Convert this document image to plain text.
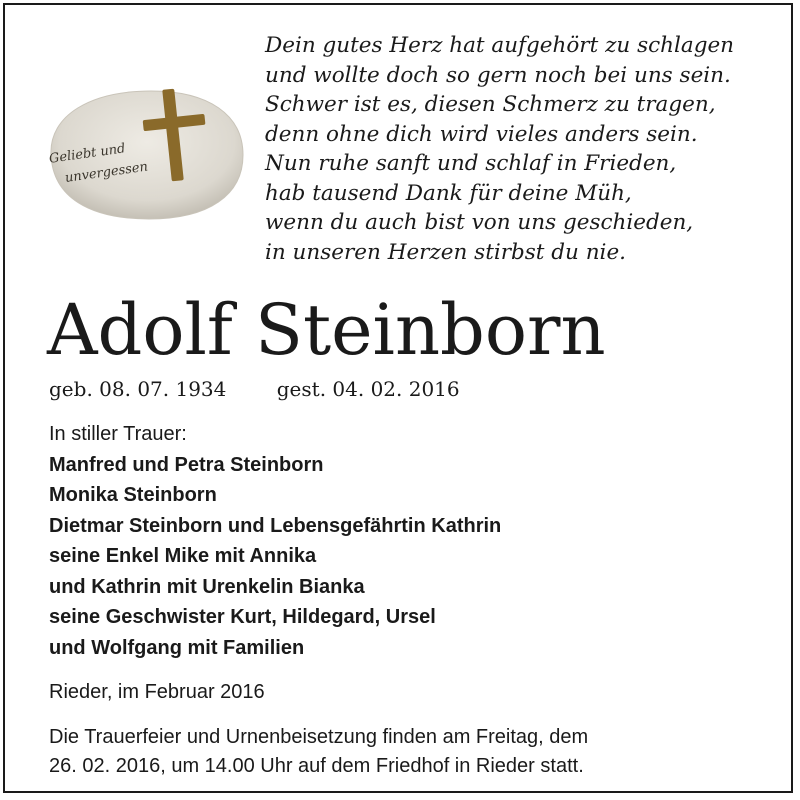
Geliebt und
unvergessen
Dein gutes Herz hat aufgehört zu schlagen
und wollte doch so gern noch bei uns sein.
Schwer ist es, diesen Schmerz zu tragen,
denn ohne dich wird vieles anders sein.
Nun ruhe sanft und schlaf in Frieden,
hab tausend Dank für deine Müh,
wenn du auch bist von uns geschieden,
in unseren Herzen stirbst du nie.
Adolf Steinborn
geb. 08. 07. 1934	gest. 04. 02. 2016
In stiller Trauer:
Manfred und Petra Steinborn
Monika Steinborn
Dietmar Steinborn und Lebensgefährtin Kathrin
seine Enkel Mike mit Annika
und Kathrin mit Urenkelin Bianka
seine Geschwister Kurt, Hildegard, Ursel
und Wolfgang mit Familien
Rieder, im Februar 2016
Die Trauerfeier und Urnenbeisetzung finden am Freitag, dem
26. 02. 2016, um 14.00 Uhr auf dem Friedhof in Rieder statt.
